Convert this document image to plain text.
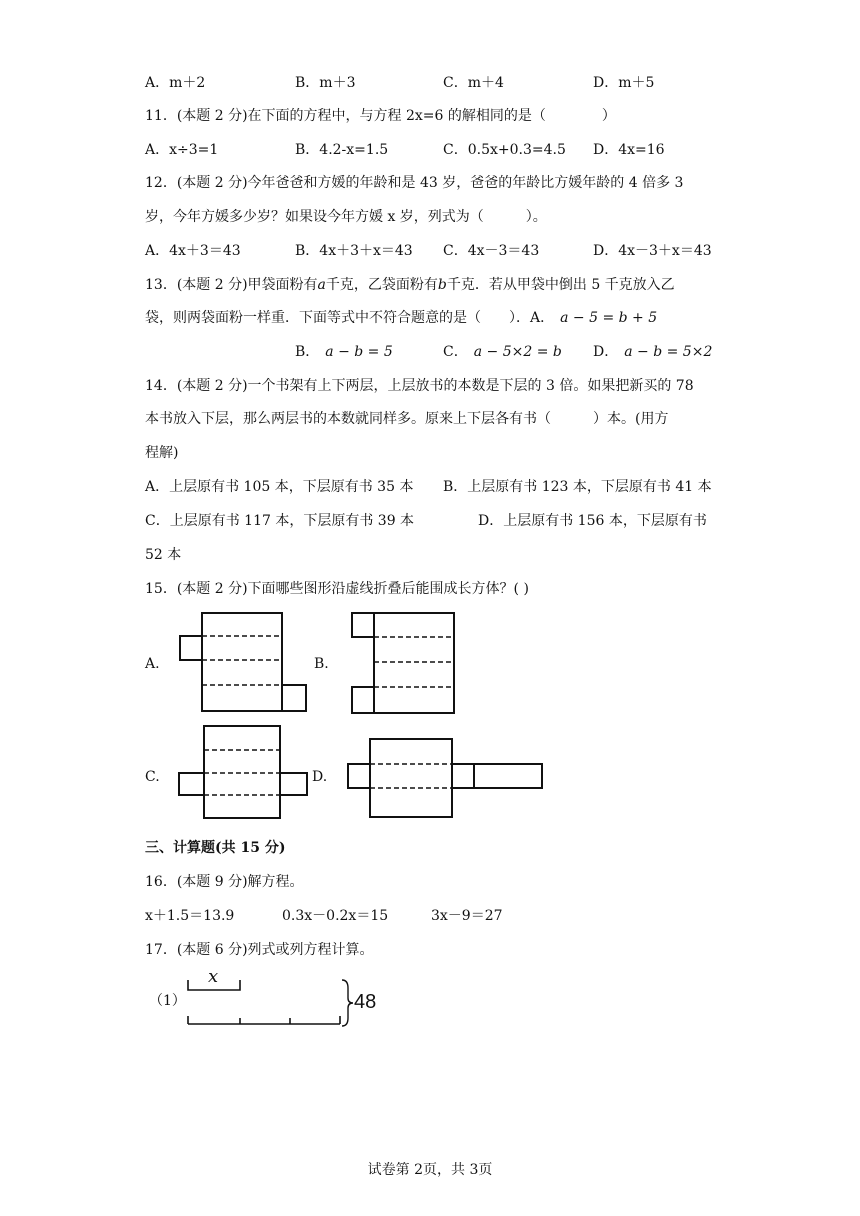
A．m＋2	B．m＋3	C．m＋4	D．m＋5
11．(本题 2 分)在下面的方程中，与方程 2x=6 的解相同的是（　　　　）
A．x÷3=1	B．4.2-x=1.5	C．0.5x+0.3=4.5 D．4x=16
12．(本题 2 分)今年爸爸和方媛的年龄和是 43 岁，爸爸的年龄比方媛年龄的 4 倍多 3
岁，今年方媛多少岁？如果设今年方媛 x 岁，列式为（　　　）。
A．4x＋3＝43	B．4x＋3＋x＝43 C．4x－3＝43	D．4x－3＋x＝43
13．(本题 2 分)甲袋面粉有a千克，乙袋面粉有b千克．若从甲袋中倒出 5 千克放入乙
袋，则两袋面粉一样重．下面等式中不符合题意的是（　　）．A． a − 5 = b + 5
B． a − b = 5	C． a − 5×2 = b D． a − b = 5×2
14．(本题 2 分)一个书架有上下两层，上层放书的本数是下层的 3 倍。如果把新买的 78
本书放入下层，那么两层书的本数就同样多。原来上下层各有书（　　　）本。(用方
程解)
A．上层原有书 105 本，下层原有书 35 本 B．上层原有书 123 本，下层原有书 41 本
C．上层原有书 117 本，下层原有书 39 本	D．上层原有书 156 本，下层原有书
52 本
15．(本题 2 分)下面哪些图形沿虚线折叠后能围成长方体？( )
A.	B.
C.	D.
三、计算题(共 15 分)
16．(本题 9 分)解方程。
x＋1.5＝13.9	0.3x－0.2x＝15	3x－9＝27
17．(本题 6 分)列式或列方程计算。
（1）
x
48
试卷第 2页，共 3页
